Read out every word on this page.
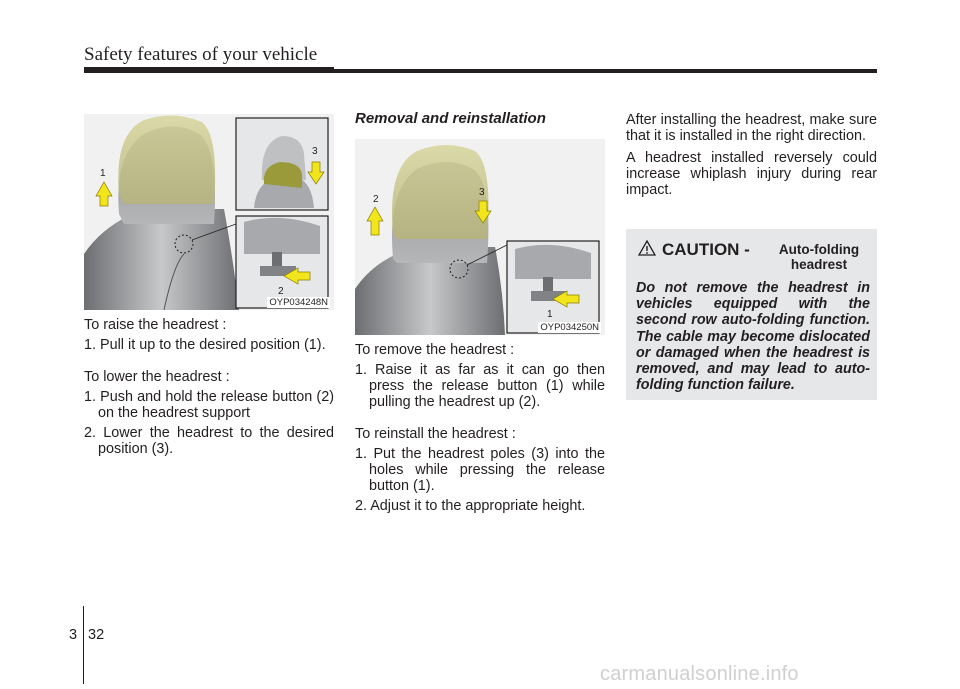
Safety features of your vehicle
1
3
2
OYP034248N
2
3
1
OYP034250N

To raise the headrest :

1. Pull it up to the desired position (1).

To lower the headrest :

1. Push and hold the release button (2) on the headrest support

2. Lower the headrest to the desired position (3).

Removal and reinstallation

To remove the headrest :

1. Raise it as far as it can go then press the release button (1) while pulling the headrest up (2).

To reinstall the headrest :

1. Put the headrest poles (3) into the holes while pressing the release button (1).

2. Adjust it to the appropriate height.

After installing the headrest, make sure that it is installed in the right direction.

A headrest installed reversely could increase whiplash injury during rear impact.

CAUTION -	Auto-folding headrest
Do not remove the headrest in vehicles equipped with the second row auto-folding function. The cable may become dislocated or damaged when the headrest is removed, and may lead to auto-folding function failure.
3 32
carmanualsonline.info
